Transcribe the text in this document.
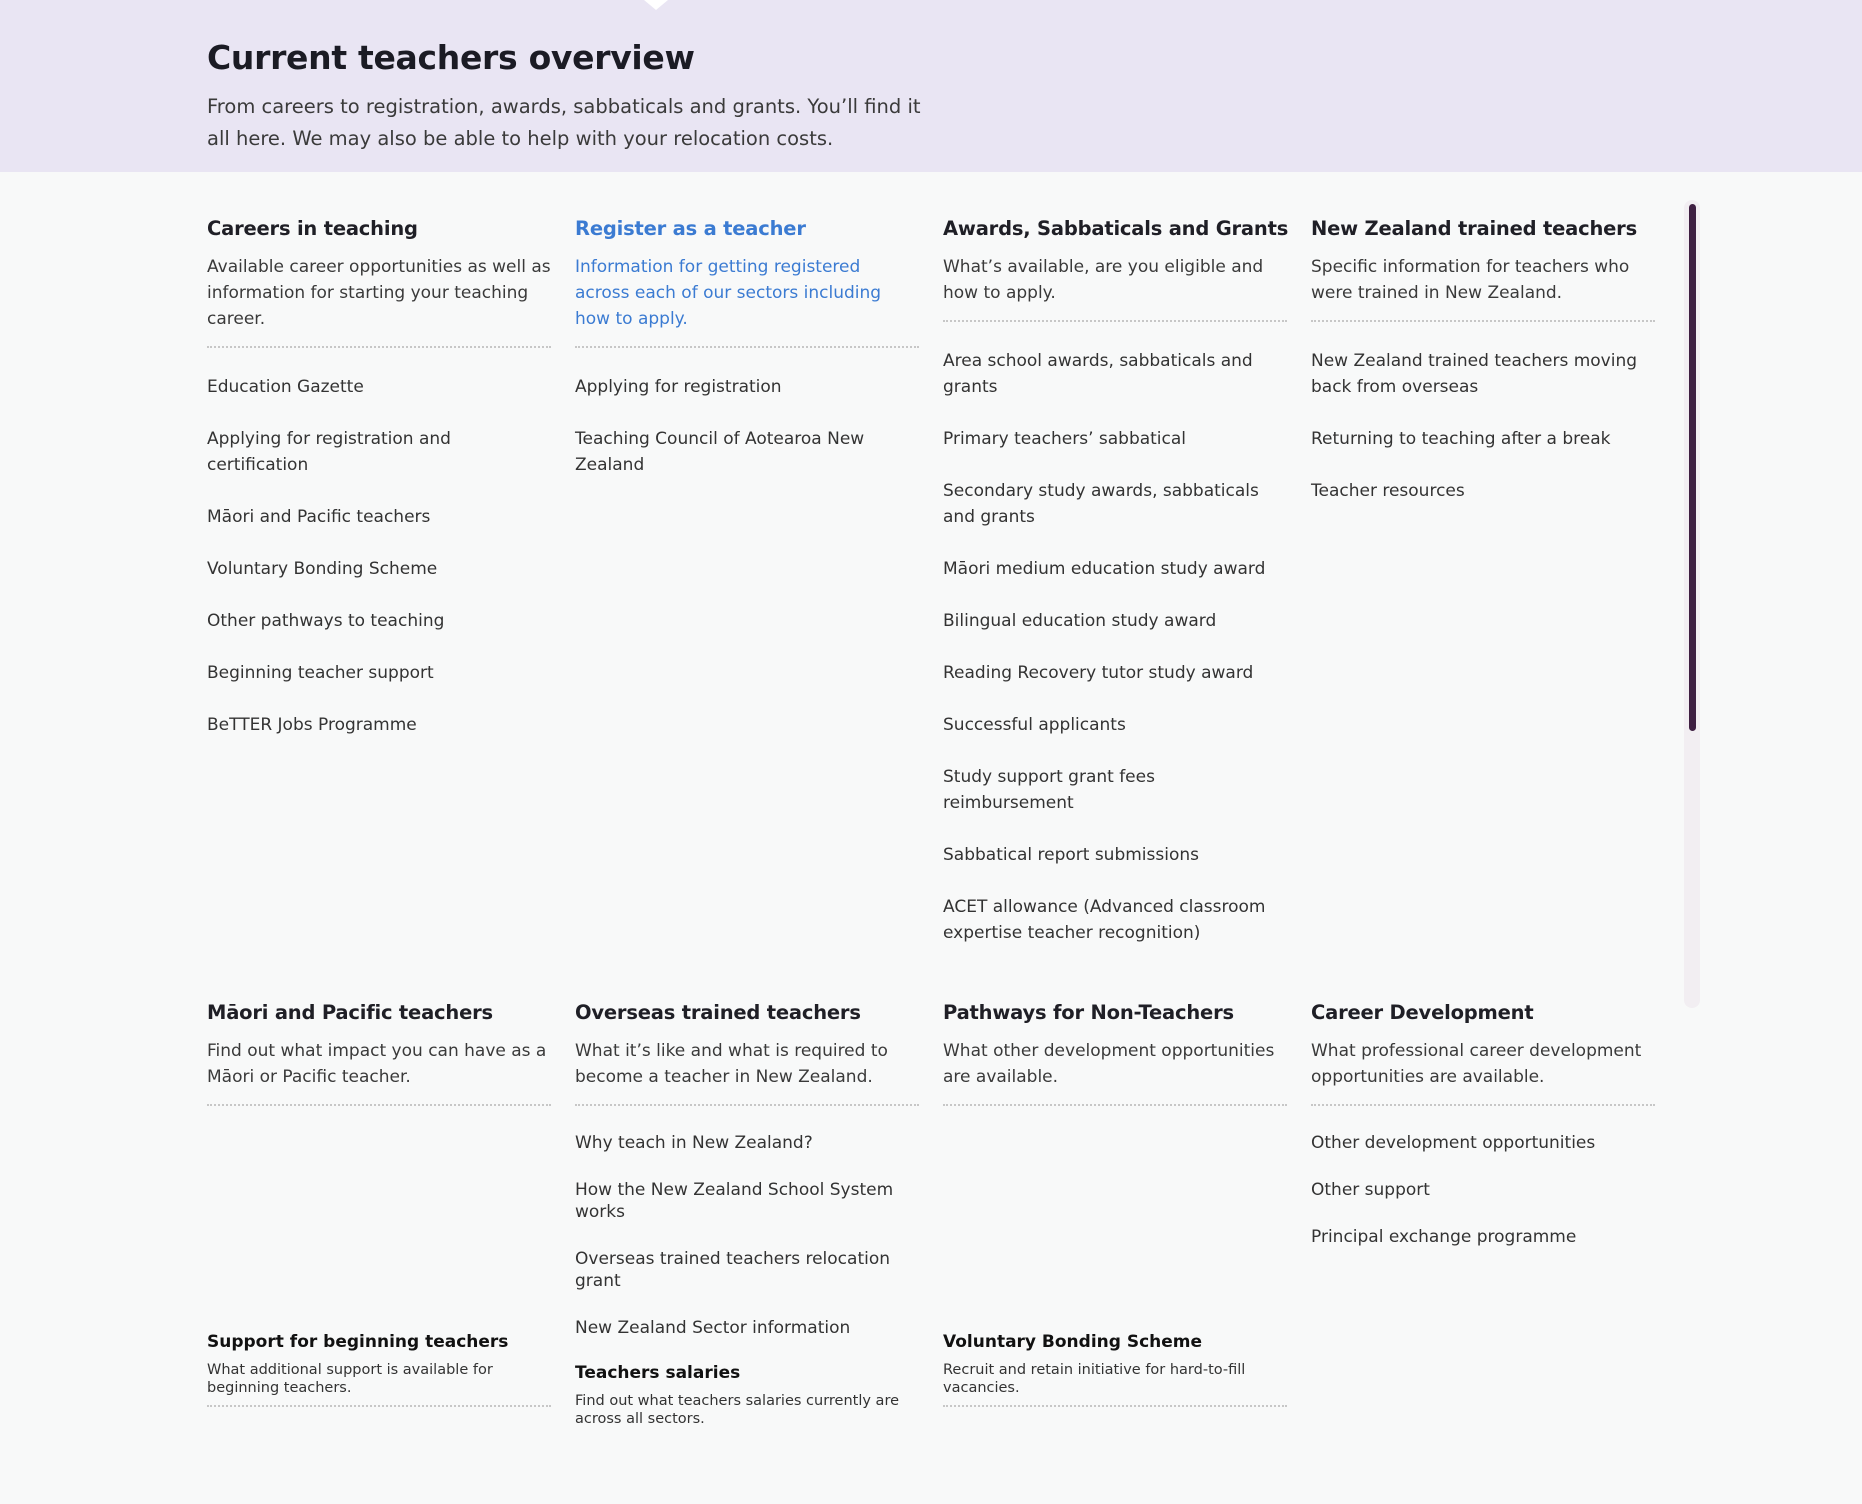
Current teachers overview

From careers to registration, awards, sabbaticals and grants. You’ll find it all here. We may also be able to help with your relocation costs.

Careers in teaching

Available career opportunities as well as information for starting your teaching career.

Education Gazette
Applying for registration and certification
Māori and Pacific teachers
Voluntary Bonding Scheme
Other pathways to teaching
Beginning teacher support
BeTTER Jobs Programme
Register as a teacher

Information for getting registered across each of our sectors including how to apply.

Applying for registration
Teaching Council of Aotearoa New Zealand
Awards, Sabbaticals and Grants

What’s available, are you eligible and how to apply.

Area school awards, sabbaticals and grants
Primary teachers’ sabbatical
Secondary study awards, sabbaticals and grants
Māori medium education study award
Bilingual education study award
Reading Recovery tutor study award
Successful applicants
Study support grant fees reimbursement
Sabbatical report submissions
ACET allowance (Advanced classroom expertise teacher recognition)
New Zealand trained teachers

Specific information for teachers who were trained in New Zealand.

New Zealand trained teachers moving back from overseas
Returning to teaching after a break
Teacher resources
Māori and Pacific teachers

Find out what impact you can have as a Māori or Pacific teacher.

Overseas trained teachers

What it’s like and what is required to become a teacher in New Zealand.

Why teach in New Zealand?
How the New Zealand School System works
Overseas trained teachers relocation grant
New Zealand Sector information
Pathways for Non-Teachers

What other development opportunities are available.

Career Development

What professional career development opportunities are available.

Other development opportunities
Other support
Principal exchange programme
Support for beginning teachers

What additional support is available for beginning teachers.

Teachers salaries

Find out what teachers salaries currently are across all sectors.

Voluntary Bonding Scheme

Recruit and retain initiative for hard-to-fill vacancies.
